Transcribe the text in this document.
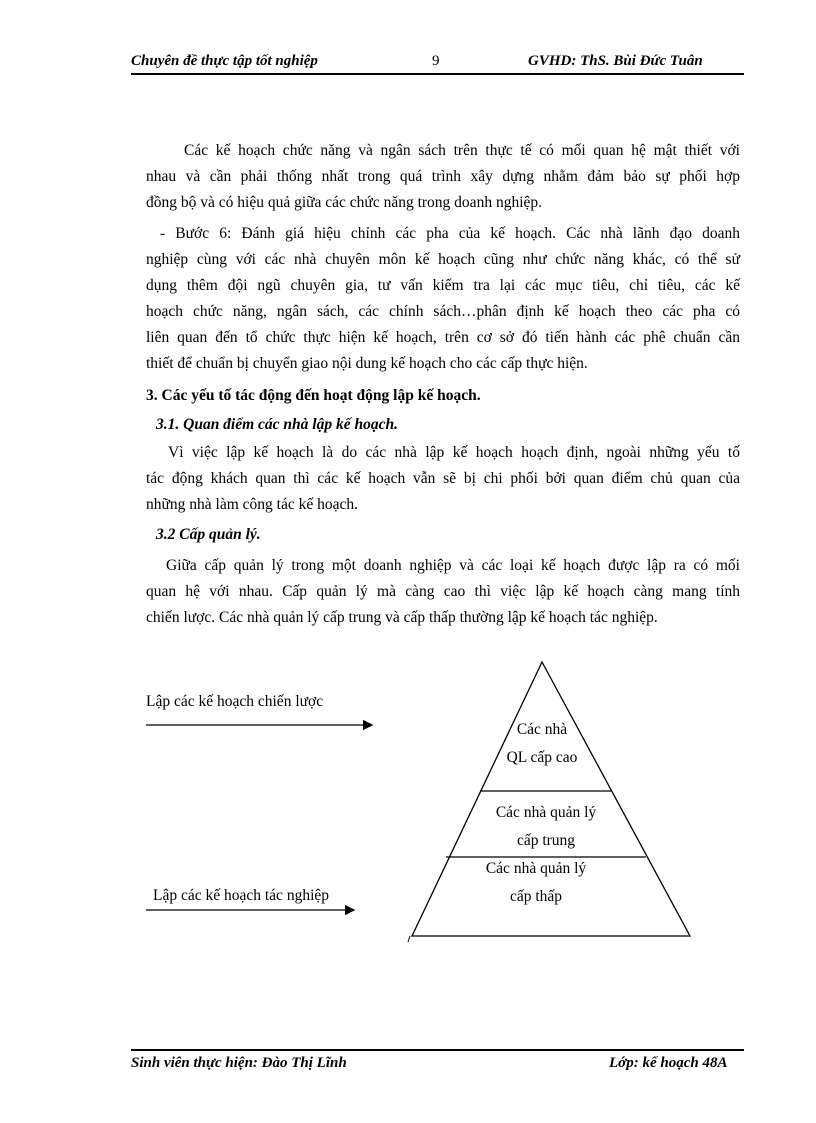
Chuyên đề thực tập tốt nghiệp	9	GVHD: ThS. Bùi Đức Tuân
Các kế hoạch chức năng và ngân sách trên thực tế có mối quan hệ mật thiết với
nhau và cần phải thống nhất trong quá trình xây dựng nhằm đảm bảo sự phối hợp
đồng bộ và có hiệu quả giữa các chức năng trong doanh nghiệp.
- Bước 6: Đánh giá hiệu chỉnh các pha của kế hoạch. Các nhà lãnh đạo doanh
nghiệp cùng với các nhà chuyên môn kế hoạch cũng như chức năng khác, có thể sử
dụng thêm đội ngũ chuyên gia, tư vấn kiểm tra lại các mục tiêu, chỉ tiêu, các kế
hoạch chức năng, ngân sách, các chính sách…phân định kế hoạch theo các pha có
liên quan đến tổ chức thực hiện kế hoạch, trên cơ sở đó tiến hành các phê chuẩn cần
thiết để chuẩn bị chuyển giao nội dung kế hoạch cho các cấp thực hiện.
3. Các yếu tố tác động đến hoạt động lập kế hoạch.
3.1. Quan điểm các nhà lập kế hoạch.
Vì việc lập kế hoạch là do các nhà lập kế hoạch hoạch định, ngoài những yếu tố
tác động khách quan thì các kế hoạch vẫn sẽ bị chi phối bởi quan điểm chủ quan của
những nhà làm công tác kế hoạch.
3.2 Cấp quản lý.
Giữa cấp quản lý trong một doanh nghiệp và các loại kế hoạch được lập ra có mối
quan hệ với nhau. Cấp quản lý mà càng cao thì việc lập kế hoạch càng mang tính
chiến lược. Các nhà quản lý cấp trung và cấp thấp thường lập kế hoạch tác nghiệp.
Lập các kế hoạch chiến lược
Lập các kế hoạch tác nghiệp
Các nhà
QL cấp cao
Các nhà quản lý
cấp trung
Các nhà quản lý
cấp thấp
Sinh viên thực hiện: Đào Thị Lĩnh	Lớp: kế hoạch 48A
